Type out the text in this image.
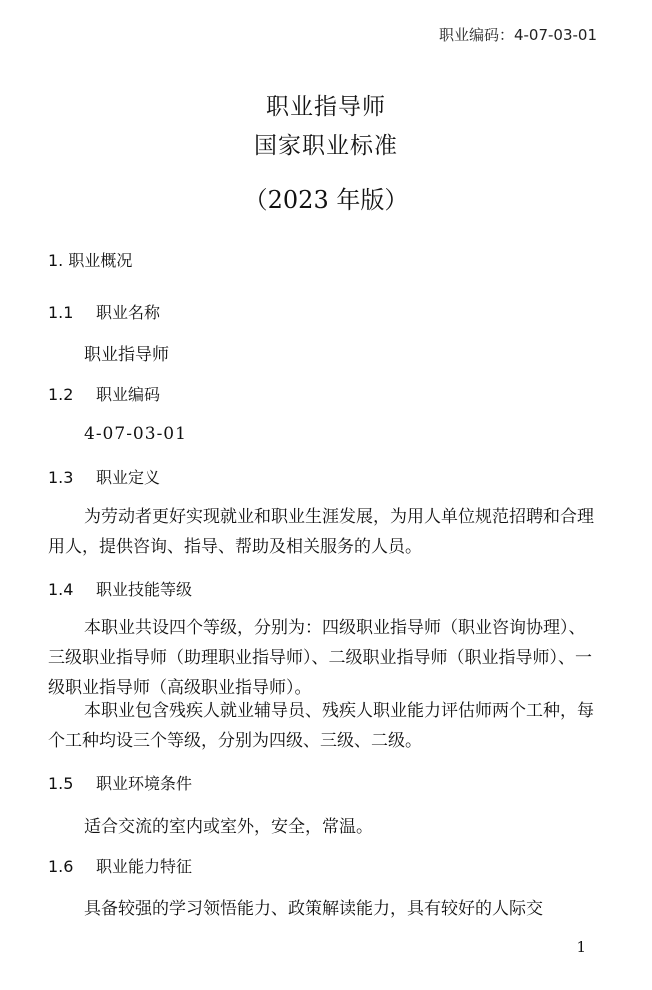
职业编码：4-07-03-01
职业指导师
国家职业标准
（2023 年版）
1. 职业概况
1.1 职业名称
职业指导师
1.2 职业编码
4-07-03-01
1.3 职业定义
为劳动者更好实现就业和职业生涯发展，为用人单位规范招聘和合理用人，提供咨询、指导、帮助及相关服务的人员。
1.4 职业技能等级
本职业共设四个等级，分别为：四级职业指导师（职业咨询协理）、三级职业指导师（助理职业指导师）、二级职业指导师（职业指导师）、一级职业指导师（高级职业指导师）。
本职业包含残疾人就业辅导员、残疾人职业能力评估师两个工种，每个工种均设三个等级，分别为四级、三级、二级。
1.5 职业环境条件
适合交流的室内或室外，安全，常温。
1.6 职业能力特征
具备较强的学习领悟能力、政策解读能力，具有较好的人际交
1
